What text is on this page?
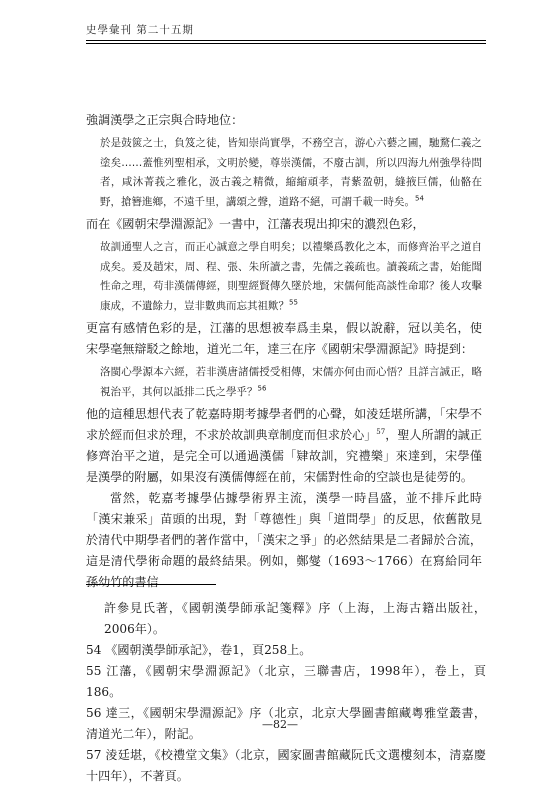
史學彙刊 第二十五期

強調漢學之正宗與合時地位：

於是鼓篋之士，負笈之徒，皆知崇尚實學，不務空言，游心六藝之圃，馳騖仁義之塗矣……蓋惟列聖相承，文明於變，尊崇漢儒，不廢古訓，所以四海九州強學待問者，咸沐菁莪之雅化，汲古義之精微，縮縮頑孝，青紫盈朝，縫掖巨儒，仙骼在野，搶簪進鄉，不遠千里，講頌之聲，道路不絕，可謂千載一時矣。$^{54}$

而在《國朝宋學淵源記》一書中，江藩表現出抑宋的濃烈色彩，

故訓通聖人之言，而正心誠意之學自明矣；以禮樂爲教化之本，而修齊治平之道自成矣。爰及趙宋，周、程、張、朱所讀之書，先儒之義疏也。讀義疏之書，始能聞性命之理，苟非漢儒傳經，則聖經賢傳久墜於地，宋儒何能高談性命耶？後人攻擊康成，不遺餘力，豈非數典而忘其祖歟？$^{55}$

更富有感情色彩的是，江藩的思想被奉爲圭臬，假以說辭，冠以美名，使宋學毫無辯駁之餘地，道光二年，達三在序《國朝宋學淵源記》時提到：

洛閩心學源本六經，若非漢唐諸儒授受相傳，宋儒亦何由而心悟？且詳言誠正，略視治平，其何以詆排二氏之學乎？$^{56}$

他的這種思想代表了乾嘉時期考據學者們的心聲，如淩廷堪所講，「宋學不求於經而但求於理，不求於故訓典章制度而但求於心」$^{57}$，聖人所謂的誠正修齊治平之道，是完全可以通過漢儒「肄故訓，究禮樂」來達到，宋學僅是漢學的附屬，如果沒有漢儒傳經在前，宋儒對性命的空談也是徒勞的。

當然，乾嘉考據學佔據學術界主流，漢學一時昌盛，並不排斥此時「漢宋兼采」苗頭的出現，對「尊德性」與「道問學」的反思，依舊散見於清代中期學者們的著作當中，「漢宋之爭」的必然結果是二者歸於合流，這是清代學術命題的最終結果。例如，鄭燮（1693～1766）在寫給同年孫幼竹的書信

許參見氏著，《國朝漢學師承記箋釋》序（上海，上海古籍出版社，2006年）。

54 《國朝漢學師承記》，卷1，頁258上。

55 江藩，《國朝宋學淵源記》（北京，三聯書店，1998年），卷上，頁186。

56 達三，《國朝宋學淵源記》序（北京，北京大學圖書館藏粵雅堂叢書，清道光二年），附記。

57 淩廷堪，《校禮堂文集》（北京，國家圖書館藏阮氏文選樓刻本，清嘉慶十四年），不著頁。

—82—
